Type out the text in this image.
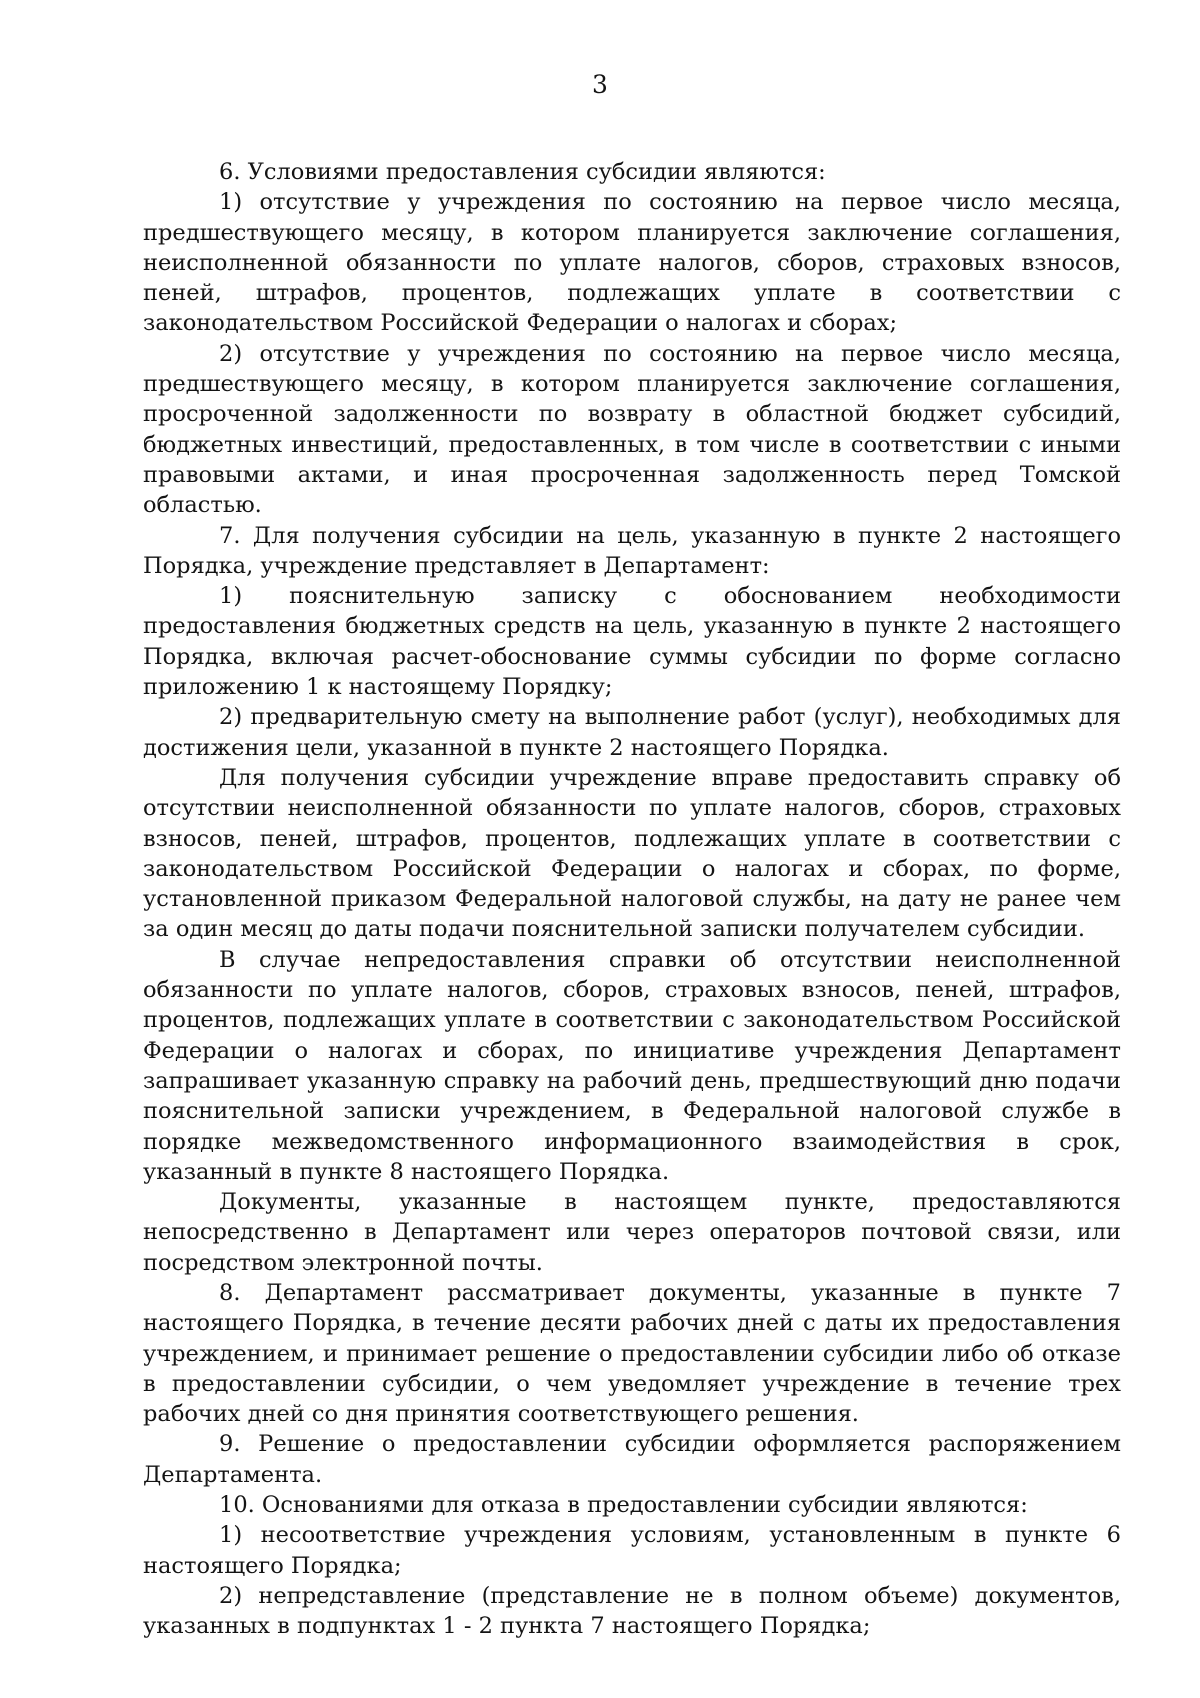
3

6. Условиями предоставления субсидии являются:

1) отсутствие у учреждения по состоянию на первое число месяца, предшествующего месяцу, в котором планируется заключение соглашения, неисполненной обязанности по уплате налогов, сборов, страховых взносов, пеней, штрафов, процентов, подлежащих уплате в соответствии с законодательством Российской Федерации о налогах и сборах;

2) отсутствие у учреждения по состоянию на первое число месяца, предшествующего месяцу, в котором планируется заключение соглашения, просроченной задолженности по возврату в областной бюджет субсидий, бюджетных инвестиций, предоставленных, в том числе в соответствии с иными правовыми актами, и иная просроченная задолженность перед Томской областью.

7. Для получения субсидии на цель, указанную в пункте 2 настоящего Порядка, учреждение представляет в Департамент:

1) пояснительную записку с обоснованием необходимости предоставления бюджетных средств на цель, указанную в пункте 2 настоящего Порядка, включая расчет-обоснование суммы субсидии по форме согласно приложению 1 к настоящему Порядку;

2) предварительную смету на выполнение работ (услуг), необходимых для достижения цели, указанной в пункте 2 настоящего Порядка.

Для получения субсидии учреждение вправе предоставить справку об отсутствии неисполненной обязанности по уплате налогов, сборов, страховых взносов, пеней, штрафов, процентов, подлежащих уплате в соответствии с законодательством Российской Федерации о налогах и сборах, по форме, установленной приказом Федеральной налоговой службы, на дату не ранее чем за один месяц до даты подачи пояснительной записки получателем субсидии.

В случае непредоставления справки об отсутствии неисполненной обязанности по уплате налогов, сборов, страховых взносов, пеней, штрафов, процентов, подлежащих уплате в соответствии с законодательством Российской Федерации о налогах и сборах, по инициативе учреждения Департамент запрашивает указанную справку на рабочий день, предшествующий дню подачи пояснительной записки учреждением, в Федеральной налоговой службе в порядке межведомственного информационного взаимодействия в срок, указанный в пункте 8 настоящего Порядка.

Документы, указанные в настоящем пункте, предоставляются непосредственно в Департамент или через операторов почтовой связи, или посредством электронной почты.

8. Департамент рассматривает документы, указанные в пункте 7 настоящего Порядка, в течение десяти рабочих дней с даты их предоставления учреждением, и принимает решение о предоставлении субсидии либо об отказе в предоставлении субсидии, о чем уведомляет учреждение в течение трех рабочих дней со дня принятия соответствующего решения.

9. Решение о предоставлении субсидии оформляется распоряжением Департамента.

10. Основаниями для отказа в предоставлении субсидии являются:

1) несоответствие учреждения условиям, установленным в пункте 6 настоящего Порядка;

2) непредставление (представление не в полном объеме) документов, указанных в подпунктах 1 - 2 пункта 7 настоящего Порядка;
